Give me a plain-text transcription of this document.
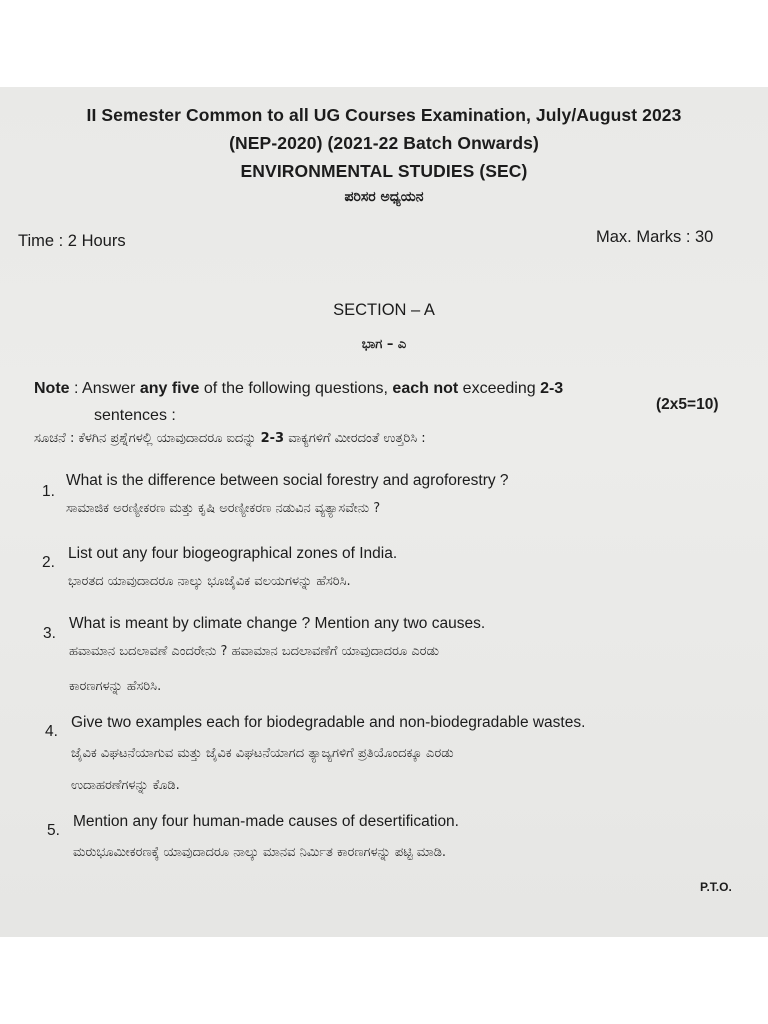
II Semester Common to all UG Courses Examination, July/August 2023
(NEP-2020) (2021-22 Batch Onwards)
ENVIRONMENTAL STUDIES (SEC)
ಪರಿಸರ ಅಧ್ಯಯನ
Time : 2 Hours	Max. Marks : 30
SECTION – A
ಭಾಗ – ಎ
Note : Answer any five of the following questions, each not exceeding 2-3
sentences :
(2x5=10)
ಸೂಚನೆ : ಕೆಳಗಿನ ಪ್ರಶ್ನೆಗಳಲ್ಲಿ ಯಾವುದಾದರೂ ಐದನ್ನು 2-3 ವಾಕ್ಯಗಳಿಗೆ ಮೀರದಂತೆ ಉತ್ತರಿಸಿ :
1.
What is the difference between social forestry and agroforestry ?
ಸಾಮಾಜಿಕ ಅರಣ್ಯೀಕರಣ ಮತ್ತು ಕೃಷಿ ಅರಣ್ಯೀಕರಣ ನಡುವಿನ ವ್ಯತ್ಯಾಸವೇನು ?
2.
List out any four biogeographical zones of India.
ಭಾರತದ ಯಾವುದಾದರೂ ನಾಲ್ಕು ಭೂಜೈವಿಕ ವಲಯಗಳನ್ನು ಹೆಸರಿಸಿ.
3.
What is meant by climate change ? Mention any two causes.
ಹವಾಮಾನ ಬದಲಾವಣೆ ಎಂದರೇನು ? ಹವಾಮಾನ ಬದಲಾವಣೆಗೆ ಯಾವುದಾದರೂ ಎರಡು
ಕಾರಣಗಳನ್ನು ಹೆಸರಿಸಿ.
4.
Give two examples each for biodegradable and non-biodegradable wastes.
ಜೈವಿಕ ವಿಘಟನೆಯಾಗುವ ಮತ್ತು ಜೈವಿಕ ವಿಘಟನೆಯಾಗದ ತ್ಯಾಜ್ಯಗಳಿಗೆ ಪ್ರತಿಯೊಂದಕ್ಕೂ ಎರಡು
ಉದಾಹರಣೆಗಳನ್ನು ಕೊಡಿ.
5.
Mention any four human-made causes of desertification.
ಮರುಭೂಮೀಕರಣಕ್ಕೆ ಯಾವುದಾದರೂ ನಾಲ್ಕು ಮಾನವ ನಿರ್ಮಿತ ಕಾರಣಗಳನ್ನು ಪಟ್ಟಿ ಮಾಡಿ.
P.T.O.
